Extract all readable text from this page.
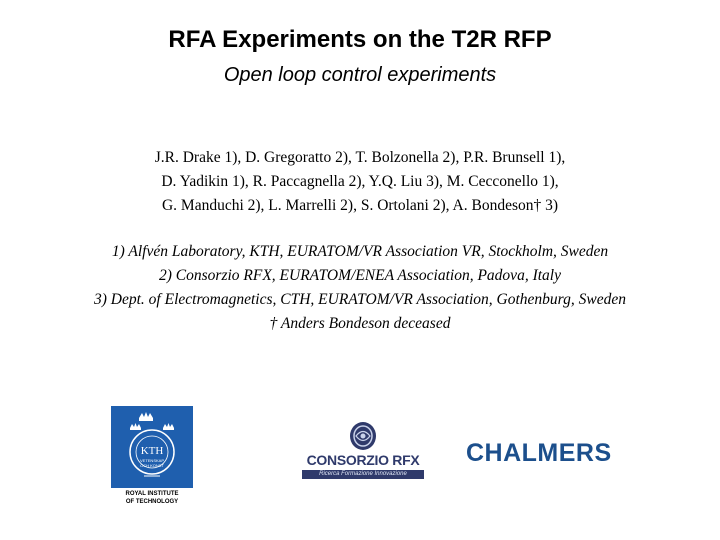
RFA Experiments on the T2R RFP
Open loop control experiments
J.R. Drake 1), D. Gregoratto 2), T. Bolzonella 2), P.R. Brunsell 1),
D. Yadikin 1), R. Paccagnella 2), Y.Q. Liu 3), M. Cecconello 1),
G. Manduchi 2), L. Marrelli 2), S. Ortolani 2), A. Bondeson† 3)
1) Alfvén Laboratory, KTH, EURATOM/VR Association VR, Stockholm, Sweden
2) Consorzio RFX, EURATOM/ENEA Association, Padova, Italy
3) Dept. of Electromagnetics, CTH, EURATOM/VR Association, Gothenburg, Sweden
† Anders Bondeson deceased
KTH
VETENSKAP
OCH KONST
ROYAL INSTITUTE
OF TECHNOLOGY
CONSORZIO RFX
Ricerca Formazione Innovazione
CHALMERS
